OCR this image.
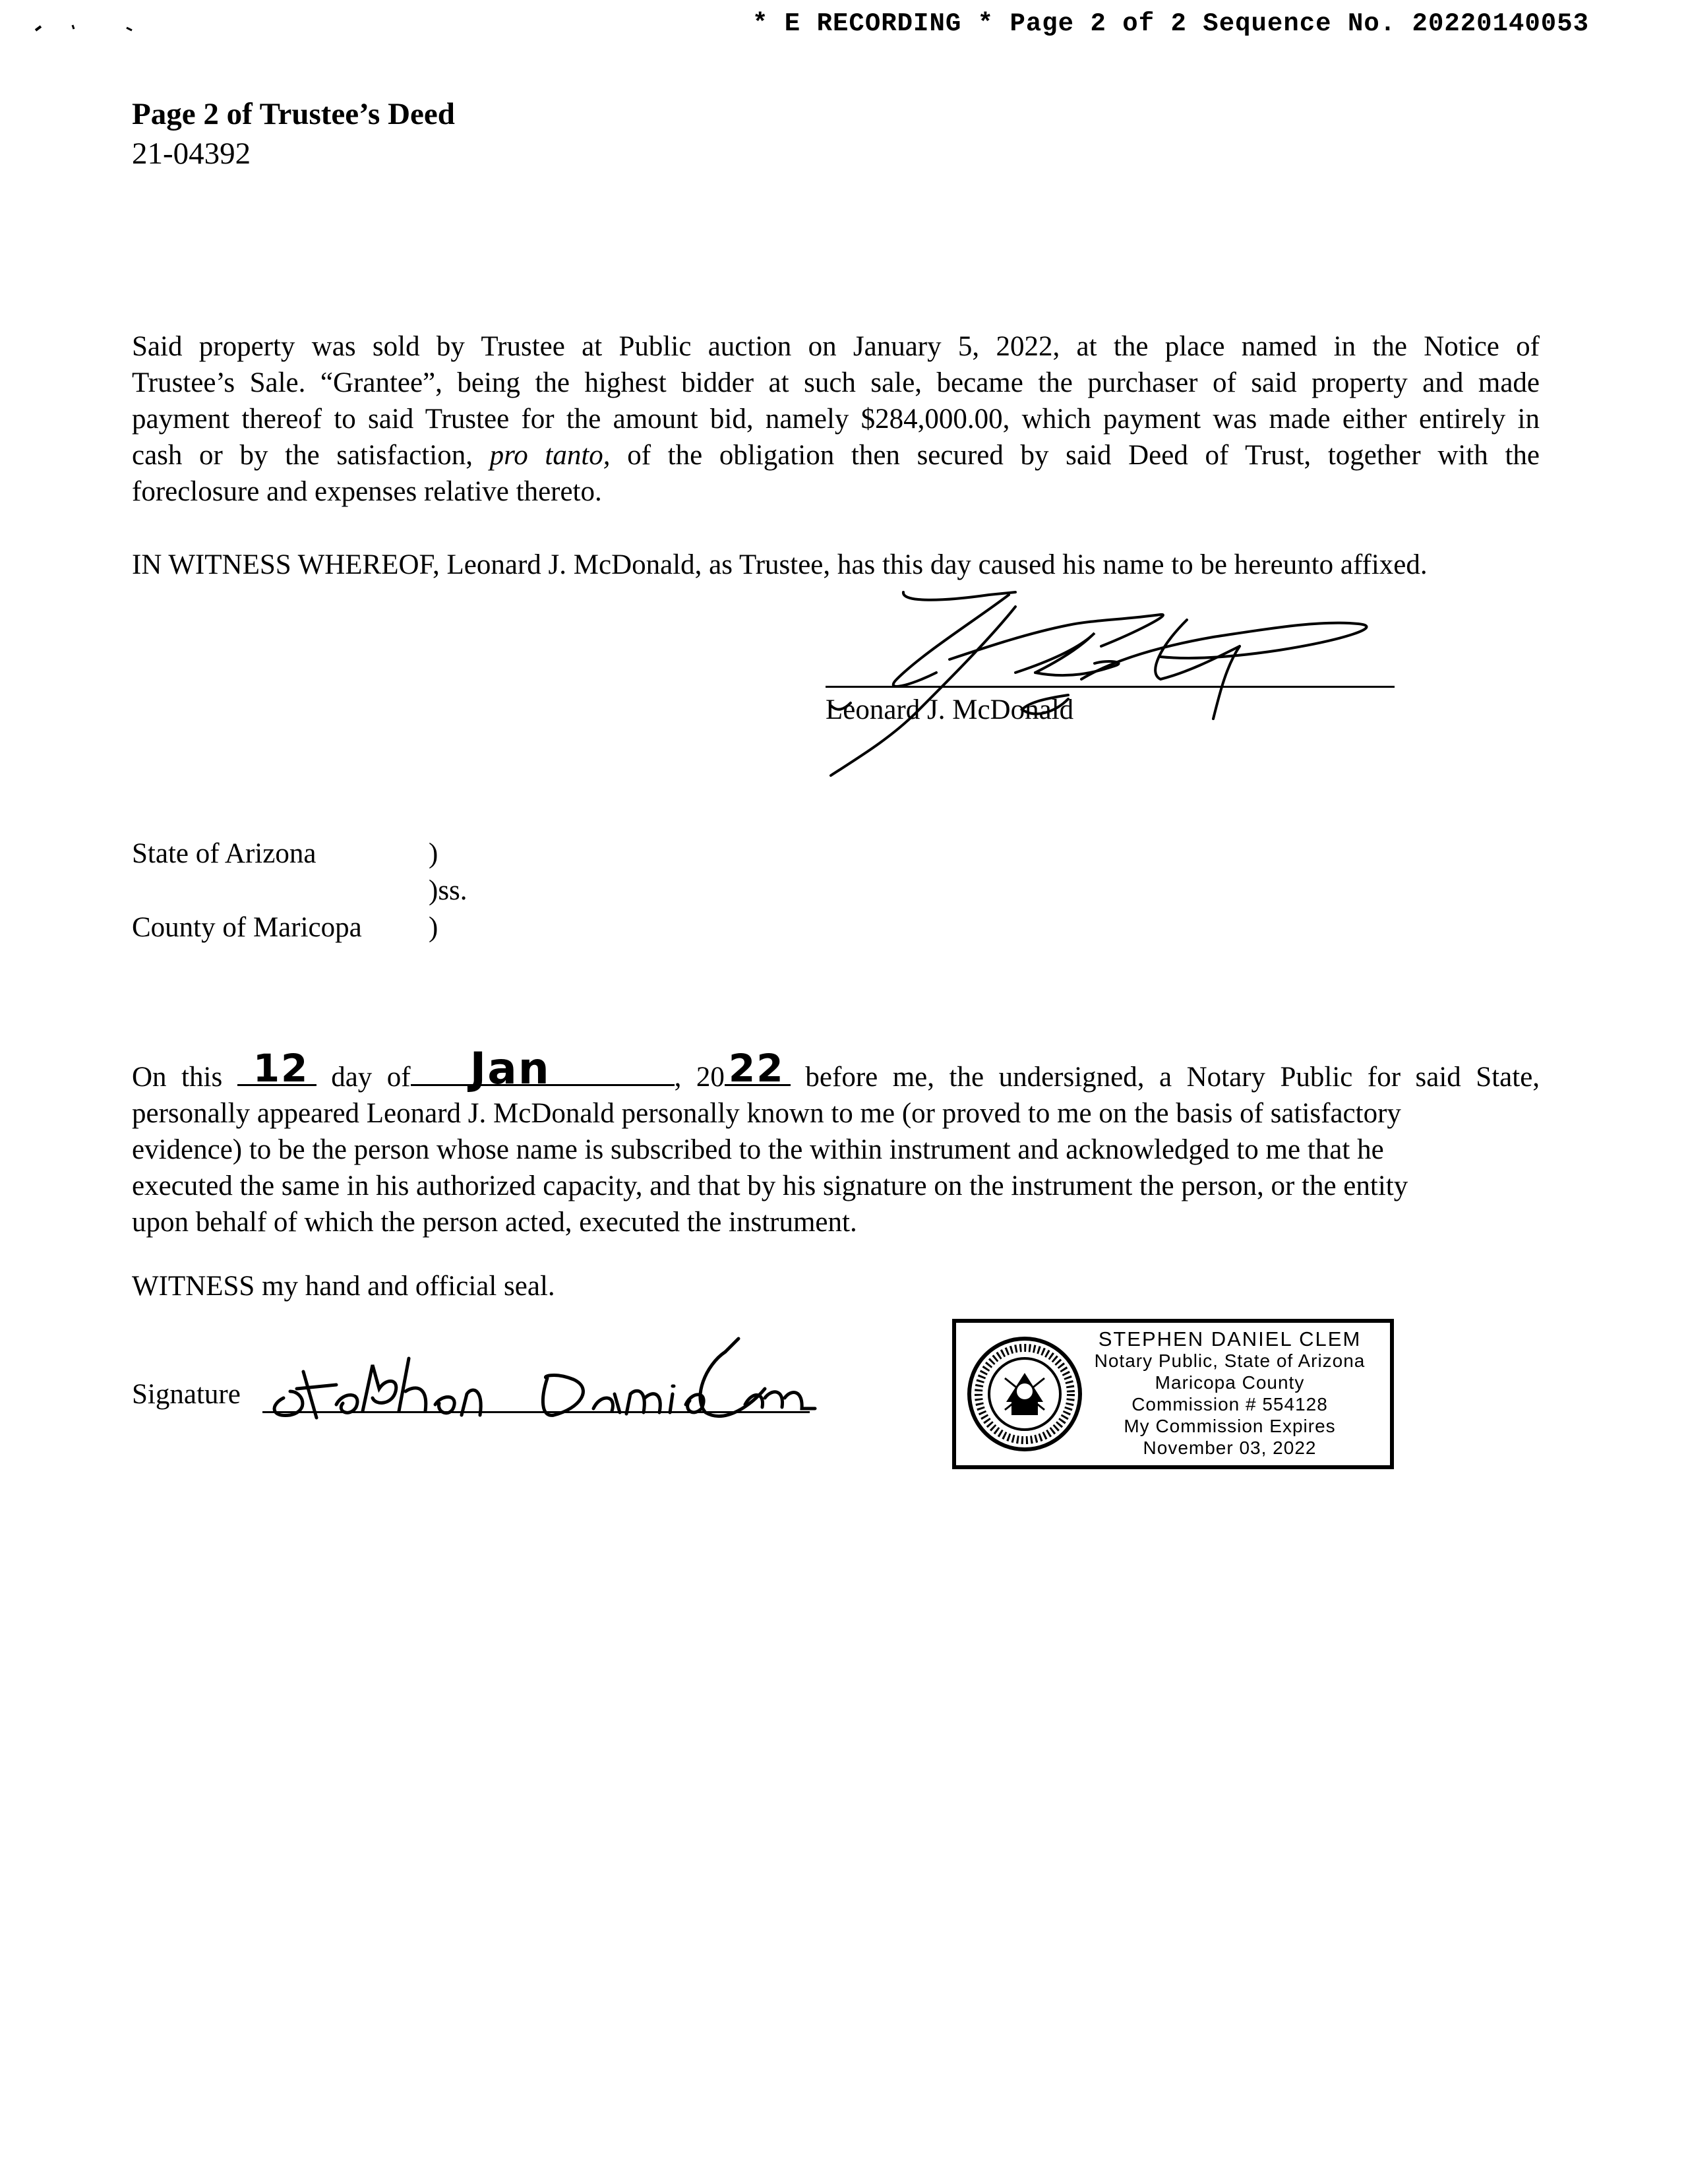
* E RECORDING * Page 2 of 2 Sequence No. 20220140053
Page 2 of Trustee’s Deed
21-04392
Said property was sold by Trustee at Public auction on January 5, 2022, at the place named in the Notice of
Trustee’s Sale. “Grantee”, being the highest bidder at such sale, became the purchaser of said property and made
payment thereof to said Trustee for the amount bid, namely $284,000.00, which payment was made either entirely in
cash or by the satisfaction, pro tanto, of the obligation then secured by said Deed of Trust, together with the
foreclosure and expenses relative thereto.
IN WITNESS WHEREOF, Leonard J. McDonald, as Trustee, has this day caused his name to be hereunto affixed.
Leonard J. McDonald
State of Arizona	)
)ss.
County of Maricopa )
On this 12 day of Jan	, 20 22 before me, the undersigned, a Notary Public for said State,
personally appeared Leonard J. McDonald personally known to me (or proved to me on the basis of satisfactory
evidence) to be the person whose name is subscribed to the within instrument and acknowledged to me that he
executed the same in his authorized capacity, and that by his signature on the instrument the person, or the entity
upon behalf of which the person acted, executed the instrument.
WITNESS my hand and official seal.
Signature
STEPHEN DANIEL CLEM
Notary Public, State of Arizona
Maricopa County
Commission # 554128
My Commission Expires
November 03, 2022
